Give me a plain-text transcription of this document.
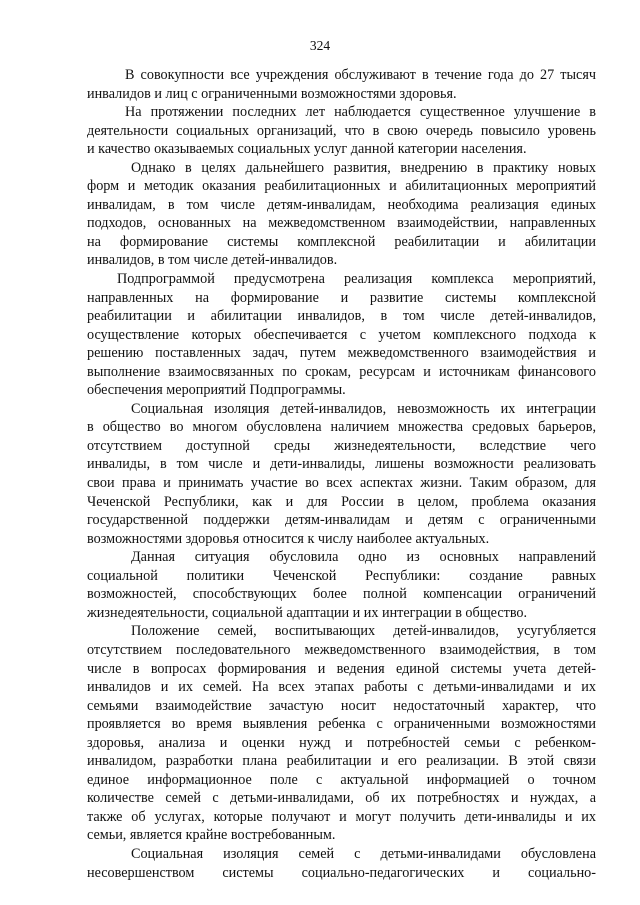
324
В совокупности все учреждения обслуживают в течение года до 27 тысяч
инвалидов и лиц с ограниченными возможностями здоровья.
На протяжении последних лет наблюдается существенное улучшение в
деятельности социальных организаций, что в свою очередь повысило уровень
и качество оказываемых социальных услуг данной категории населения.
Однако в целях дальнейшего развития, внедрению в практику новых
форм и методик оказания реабилитационных и абилитационных мероприятий
инвалидам, в том числе детям-инвалидам, необходима реализация единых
подходов, основанных на межведомственном взаимодействии, направленных
на формирование системы комплексной реабилитации и абилитации
инвалидов, в том числе детей-инвалидов.
Подпрограммой предусмотрена реализация комплекса мероприятий,
направленных на формирование и развитие системы комплексной
реабилитации и абилитации инвалидов, в том числе детей-инвалидов,
осуществление которых обеспечивается с учетом комплексного подхода к
решению поставленных задач, путем межведомственного взаимодействия и
выполнение взаимосвязанных по срокам, ресурсам и источникам финансового
обеспечения мероприятий Подпрограммы.
Социальная изоляция детей-инвалидов, невозможность их интеграции
в общество во многом обусловлена наличием множества средовых барьеров,
отсутствием доступной среды жизнедеятельности, вследствие чего
инвалиды, в том числе и дети-инвалиды, лишены возможности реализовать
свои права и принимать участие во всех аспектах жизни. Таким образом, для
Чеченской Республики, как и для России в целом, проблема оказания
государственной поддержки детям-инвалидам и детям с ограниченными
возможностями здоровья относится к числу наиболее актуальных.
Данная ситуация обусловила одно из основных направлений
социальной политики Чеченской Республики: создание равных
возможностей, способствующих более полной компенсации ограничений
жизнедеятельности, социальной адаптации и их интеграции в общество.
Положение семей, воспитывающих детей-инвалидов, усугубляется
отсутствием последовательного межведомственного взаимодействия, в том
числе в вопросах формирования и ведения единой системы учета детей-
инвалидов и их семей. На всех этапах работы с детьми-инвалидами и их
семьями взаимодействие зачастую носит недостаточный характер, что
проявляется во время выявления ребенка с ограниченными возможностями
здоровья, анализа и оценки нужд и потребностей семьи с ребенком-
инвалидом, разработки плана реабилитации и его реализации. В этой связи
единое информационное поле с актуальной информацией о точном
количестве семей с детьми-инвалидами, об их потребностях и нуждах, а
также об услугах, которые получают и могут получить дети-инвалиды и их
семьи, является крайне востребованным.
Социальная изоляция семей с детьми-инвалидами обусловлена
несовершенством системы социально-педагогических и социально-
